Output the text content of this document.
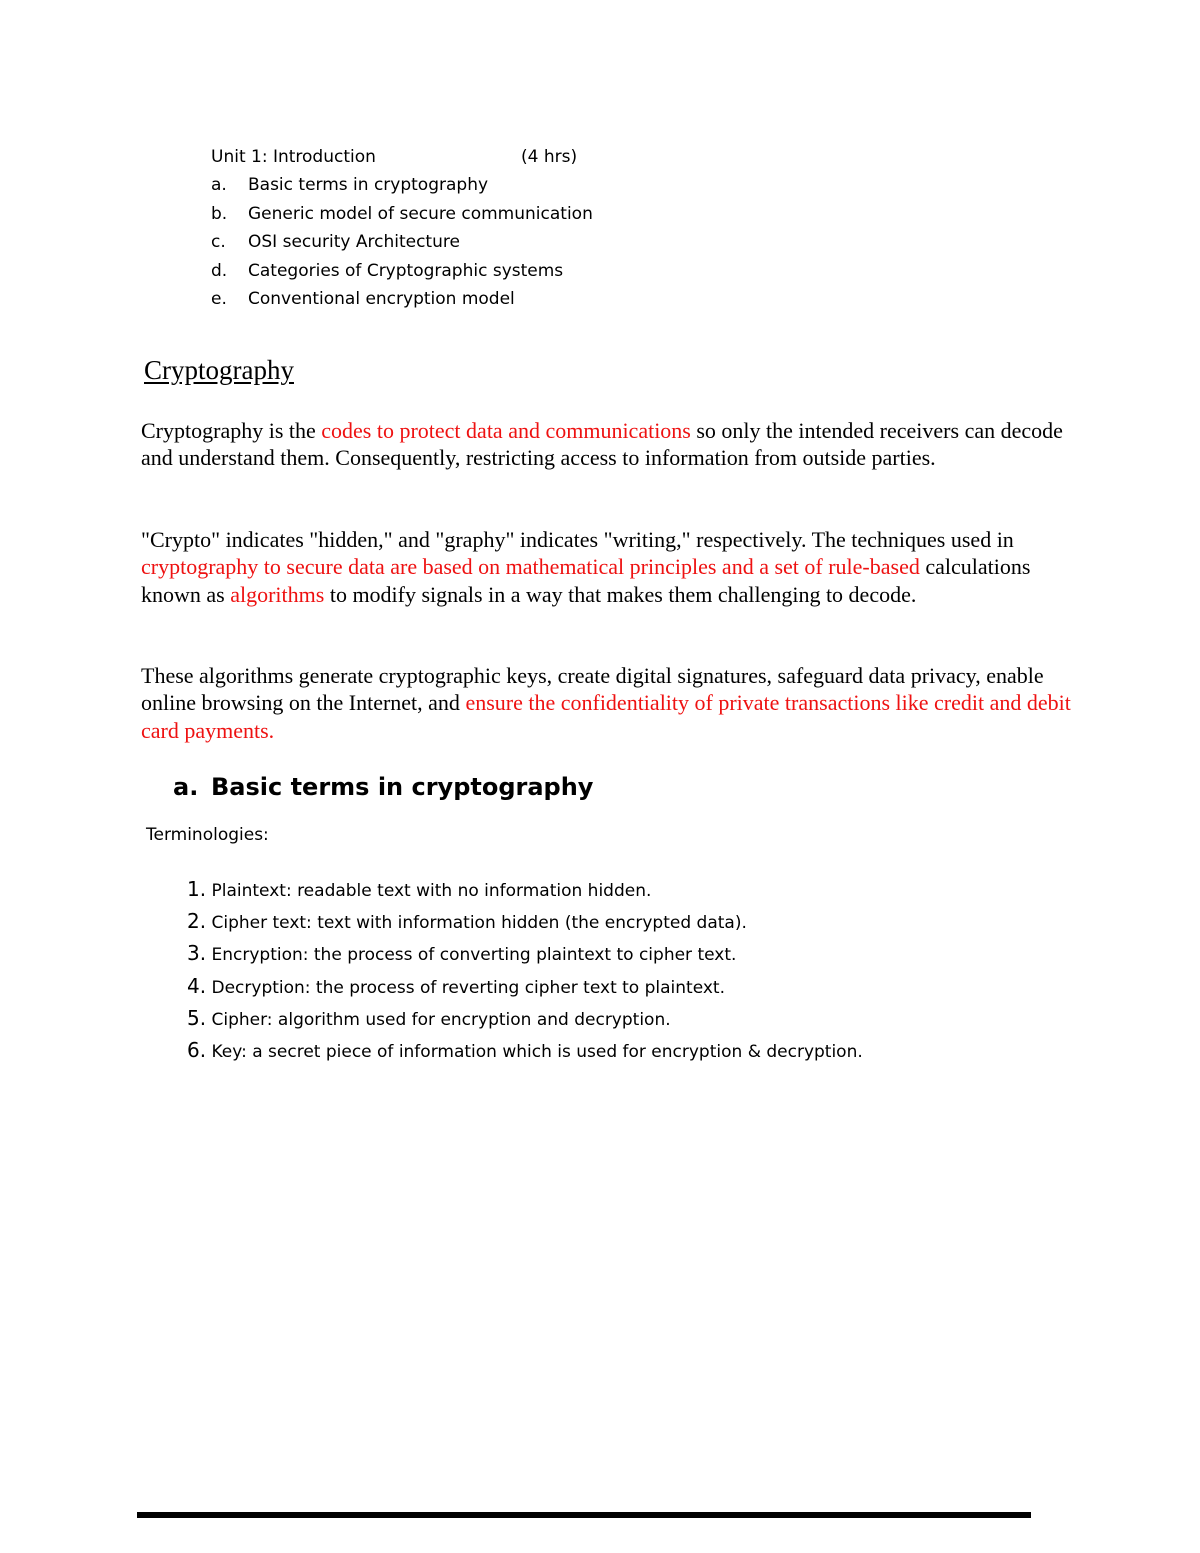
Unit 1: Introduction	(4 hrs)
a.	Basic terms in cryptography
b.	Generic model of secure communication
c.	OSI security Architecture
d.	Categories of Cryptographic systems
e.	Conventional encryption model
Cryptography

Cryptography is the codes to protect data and communications so only the intended receivers can decode and understand them. Consequently, restricting access to information from outside parties.

"Crypto" indicates "hidden," and "graphy" indicates "writing," respectively. The techniques used in cryptography to secure data are based on mathematical principles and a set of rule-based calculations known as algorithms to modify signals in a way that makes them challenging to decode.

These algorithms generate cryptographic keys, create digital signatures, safeguard data privacy, enable online browsing on the Internet, and ensure the confidentiality of private transactions like credit and debit card payments.

a. Basic terms in cryptography
Terminologies:
1. Plaintext: readable text with no information hidden.
2. Cipher text: text with information hidden (the encrypted data).
3. Encryption: the process of converting plaintext to cipher text.
4. Decryption: the process of reverting cipher text to plaintext.
5. Cipher: algorithm used for encryption and decryption.
6. Key: a secret piece of information which is used for encryption & decryption.
